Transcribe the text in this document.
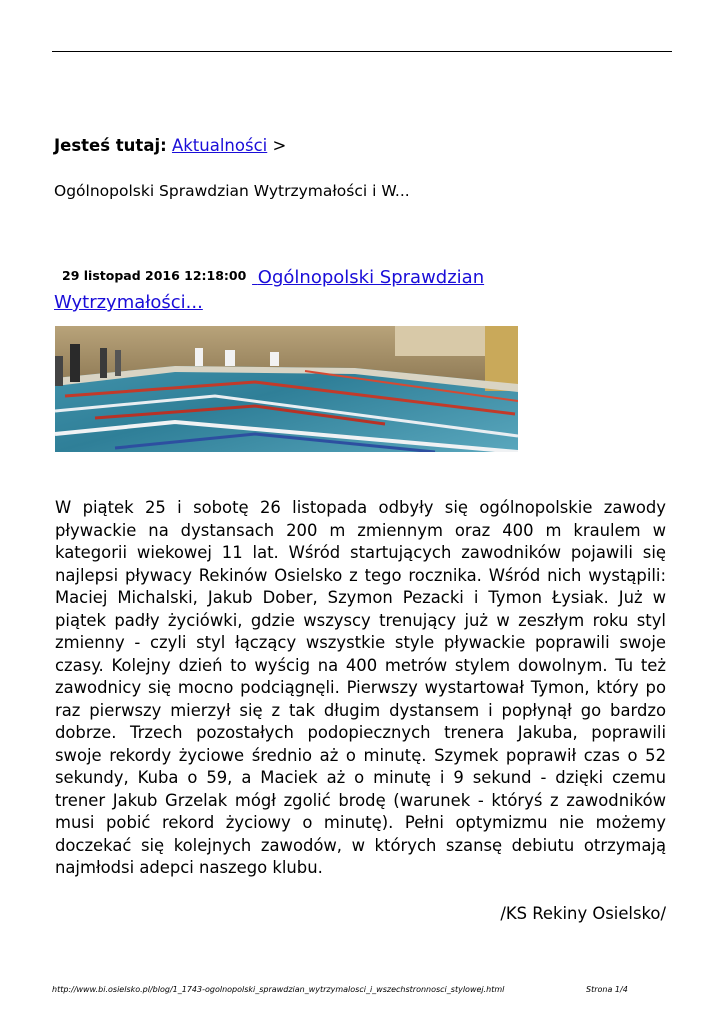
Jesteś tutaj: Aktualności >
Ogólnopolski Sprawdzian Wytrzymałości i W...
29 listopad 2016 12:18:00 Ogólnopolski Sprawdzian Wytrzymałości...

W piątek 25 i sobotę 26 listopada odbyły się ogólnopolskie zawody pływackie na dystansach 200 m zmiennym oraz 400 m kraulem w kategorii wiekowej 11 lat. Wśród startujących zawodników pojawili się najlepsi pływacy Rekinów Osielsko z tego rocznika. Wśród nich wystąpili: Maciej Michalski, Jakub Dober, Szymon Pezacki i Tymon Łysiak. Już w piątek padły życiówki, gdzie wszyscy trenujący już w zeszłym roku styl zmienny - czyli styl łączący wszystkie style pływackie poprawili swoje czasy. Kolejny dzień to wyścig na 400 metrów stylem dowolnym. Tu też zawodnicy się mocno podciągnęli. Pierwszy wystartował Tymon, który po raz pierwszy mierzył się z tak długim dystansem i popłynął go bardzo dobrze. Trzech pozostałych podopiecznych trenera Jakuba, poprawili swoje rekordy życiowe średnio aż o minutę. Szymek poprawił czas o 52 sekundy, Kuba o 59, a Maciek aż o minutę i 9 sekund - dzięki czemu trener Jakub Grzelak mógł zgolić brodę (warunek - któryś z zawodników musi pobić rekord życiowy o minutę). Pełni optymizmu nie możemy doczekać się kolejnych zawodów, w których szansę debiutu otrzymają najmłodsi adepci naszego klubu.

/KS Rekiny Osielsko/

http://www.bi.osielsko.pl/blog/1_1743-ogolnopolski_sprawdzian_wytrzymalosci_i_wszechstronnosci_stylowej.html	Strona 1/4
